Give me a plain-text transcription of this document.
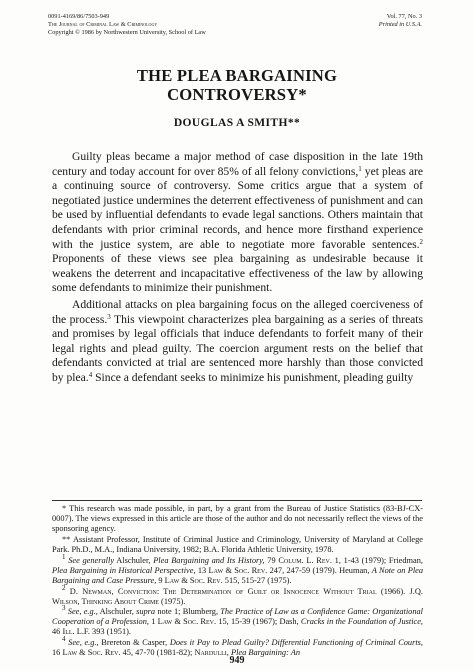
0091-4169/86/7503-949
The Journal of Criminal Law & Criminology
Copyright © 1986 by Northwestern University, School of Law
Vol. 77, No. 3
Printed in U.S.A.
THE PLEA BARGAINING
CONTROVERSY*
DOUGLAS A SMITH**

Guilty pleas became a major method of case disposition in the late 19th century and today account for over 85% of all felony convictions,$^1$ yet pleas are a continuing source of controversy. Some critics argue that a system of negotiated justice undermines the deterrent effectiveness of punishment and can be used by influential defendants to evade legal sanctions. Others maintain that defendants with prior criminal records, and hence more firsthand experience with the justice system, are able to negotiate more favorable sentences.$^2$ Proponents of these views see plea bargaining as undesirable because it weakens the deterrent and incapacitative effectiveness of the law by allowing some defendants to minimize their punishment.

Additional attacks on plea bargaining focus on the alleged coerciveness of the process.$^3$ This viewpoint characterizes plea bargaining as a series of threats and promises by legal officials that induce defendants to forfeit many of their legal rights and plead guilty. The coercion argument rests on the belief that defendants convicted at trial are sentenced more harshly than those convicted by plea.$^4$ Since a defendant seeks to minimize his punishment, pleading guilty

* This research was made possible, in part, by a grant from the Bureau of Justice Statistics (83-BJ-CX-0007). The views expressed in this article are those of the author and do not necessarily reflect the views of the sponsoring agency.

** Assistant Professor, Institute of Criminal Justice and Criminology, University of Maryland at College Park. Ph.D., M.A., Indiana University, 1982; B.A. Florida Athletic University, 1978.

$^1$ See generally Alschuler, Plea Bargaining and Its History, 79 Colum. L. Rev. 1, 1-43 (1979); Friedman, Plea Bargaining in Historical Perspective, 13 Law & Soc. Rev. 247, 247-59 (1979). Heuman, A Note on Plea Bargaining and Case Pressure, 9 Law & Soc. Rev. 515, 515-27 (1975).

$^2$ D. Newman, Conviction: The Determination of Guilt or Innocence Without Trial (1966). J.Q. Wilson, Thinking About Crime (1975).

$^3$ See, e.g., Alschuler, supra note 1; Blumberg, The Practice of Law as a Confidence Game: Organizational Cooperation of a Profession, 1 Law & Soc. Rev. 15, 15-39 (1967); Dash, Cracks in the Foundation of Justice, 46 Ill. L.F. 393 (1951).

$^4$ See, e.g., Brereton & Casper, Does it Pay to Plead Guilty? Differential Functioning of Criminal Courts, 16 Law & Soc. Rev. 45, 47-70 (1981-82); Nardulli, Plea Bargaining: An

949
